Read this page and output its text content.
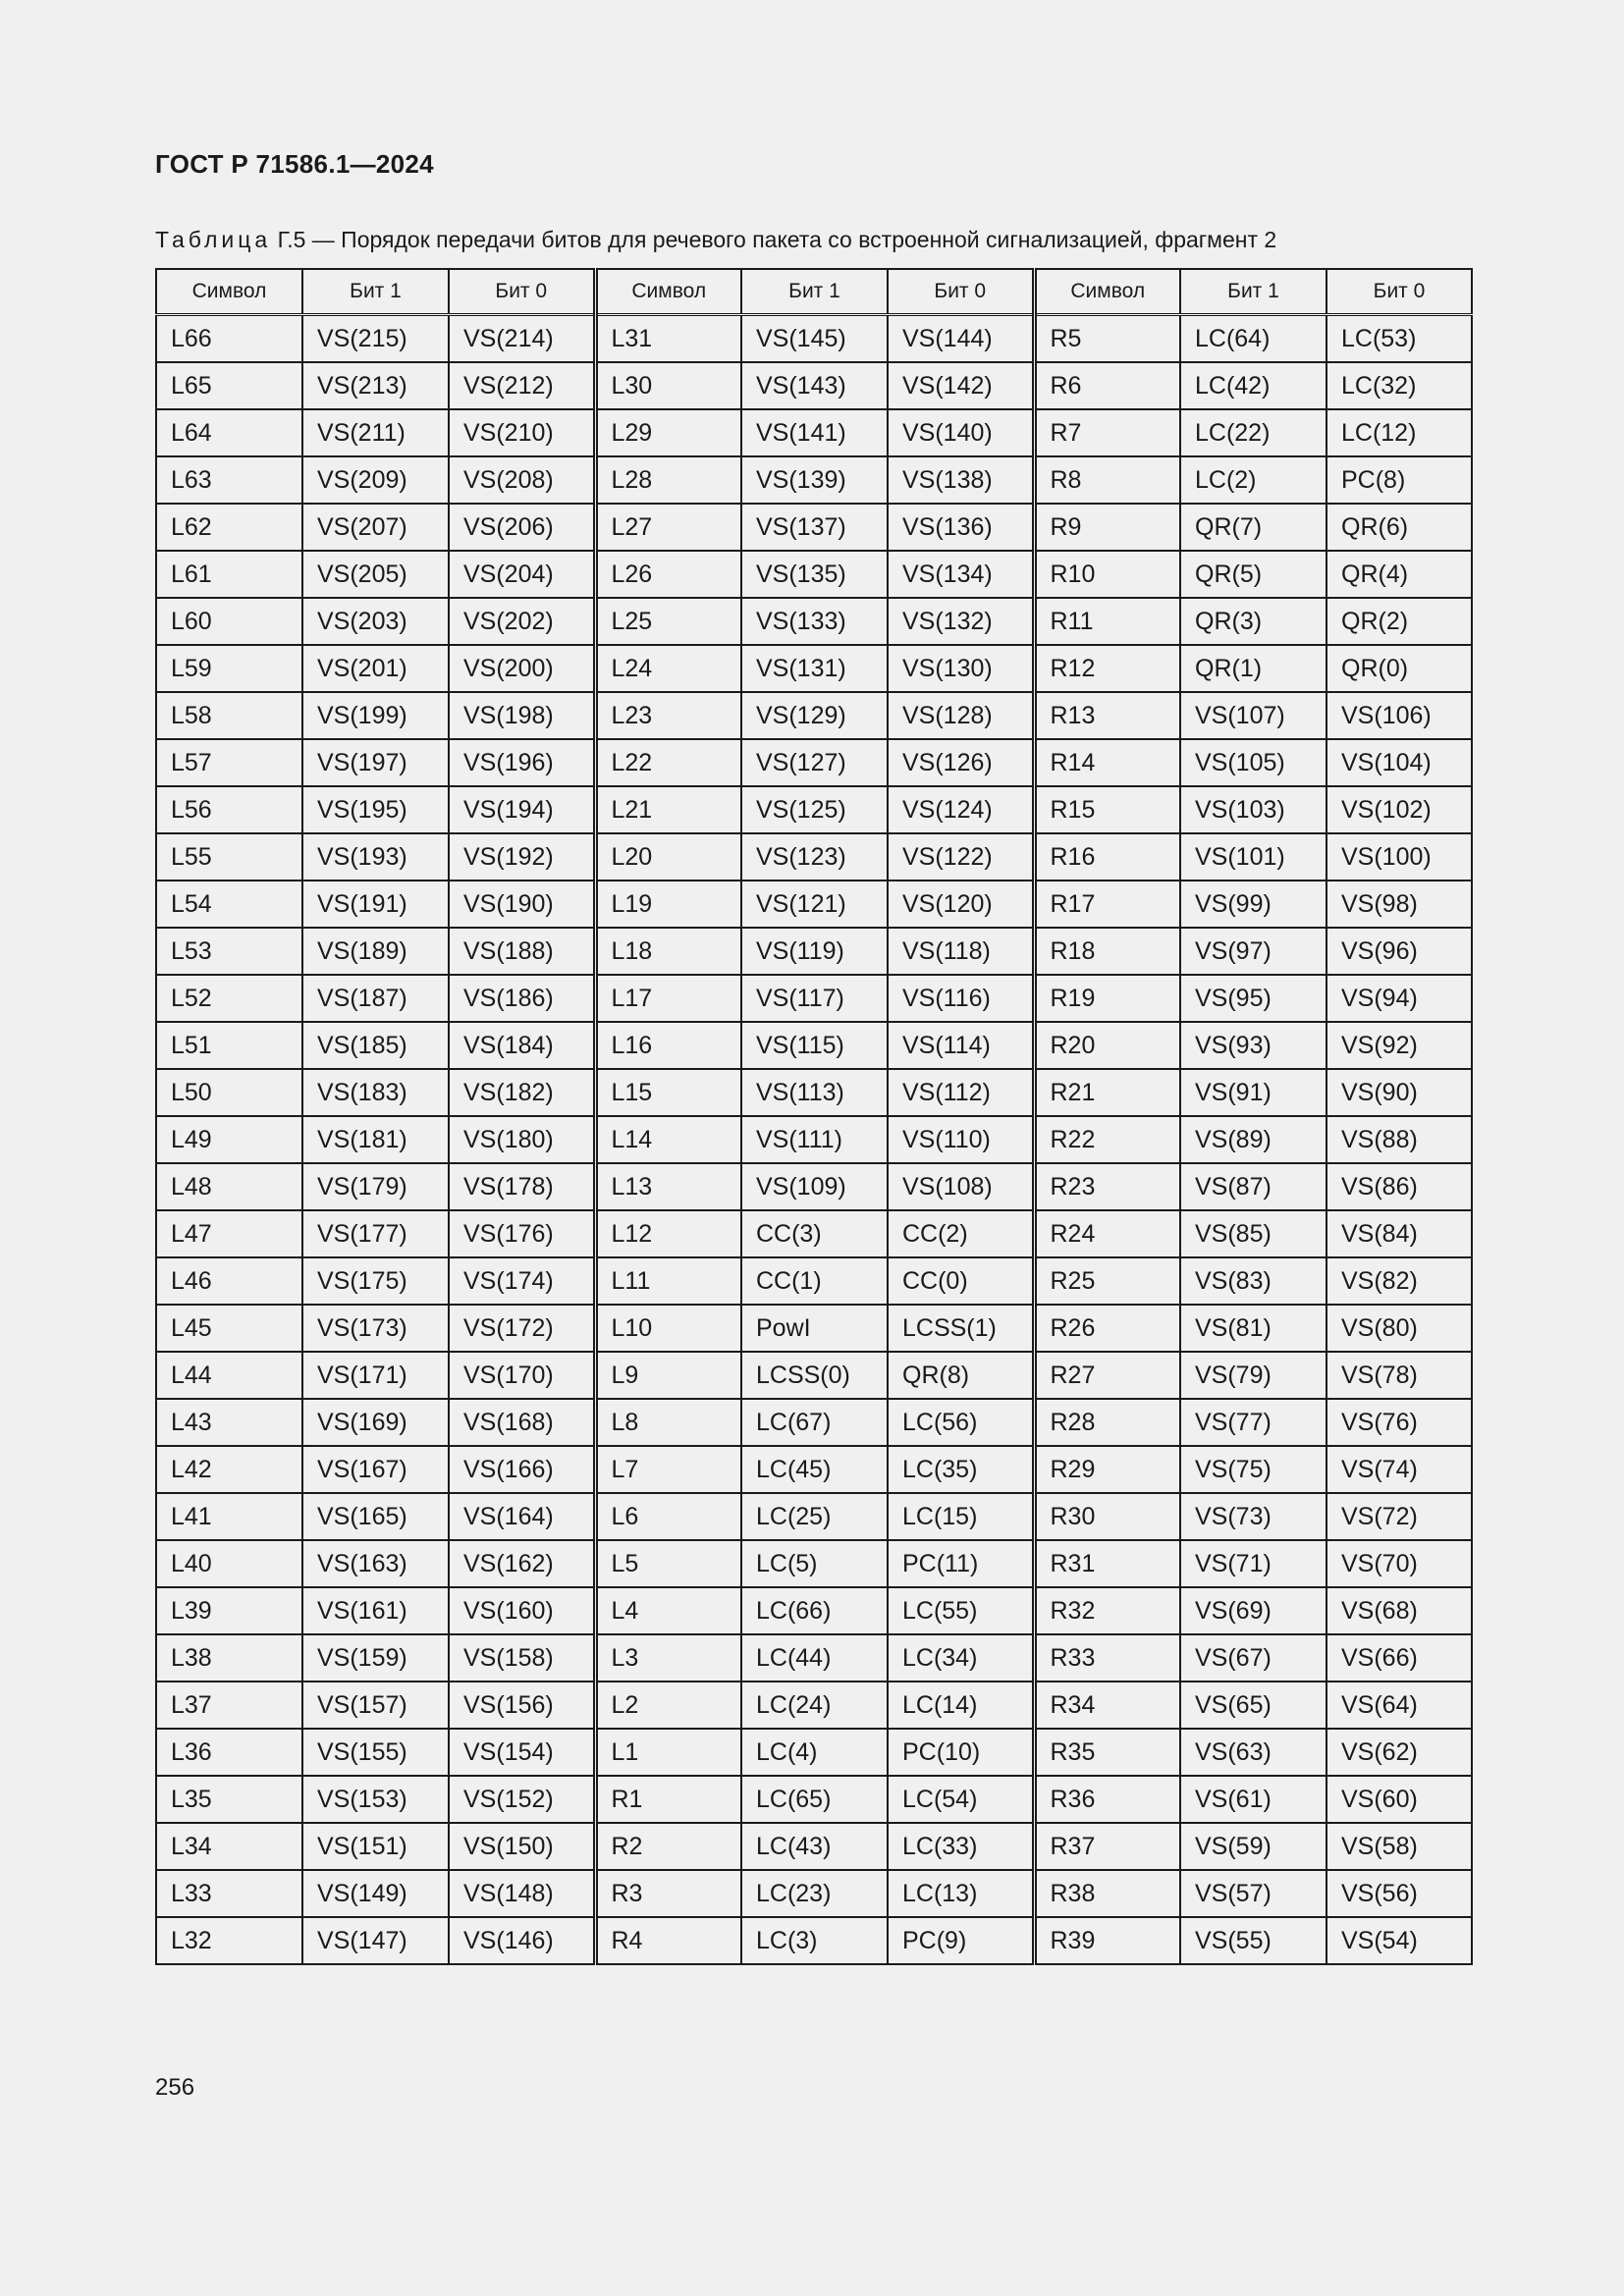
ГОСТ Р 71586.1—2024
Таблица Г.5 — Порядок передачи битов для речевого пакета со встроенной сигнализацией, фрагмент 2
Символ	Бит 1	Бит 0	Символ	Бит 1	Бит 0	Символ	Бит 1	Бит 0
L66	VS(215)	VS(214)	L31	VS(145)	VS(144)	R5	LC(64)	LC(53)
L65	VS(213)	VS(212)	L30	VS(143)	VS(142)	R6	LC(42)	LC(32)
L64	VS(211)	VS(210)	L29	VS(141)	VS(140)	R7	LC(22)	LC(12)
L63	VS(209)	VS(208)	L28	VS(139)	VS(138)	R8	LC(2)	PC(8)
L62	VS(207)	VS(206)	L27	VS(137)	VS(136)	R9	QR(7)	QR(6)
L61	VS(205)	VS(204)	L26	VS(135)	VS(134)	R10	QR(5)	QR(4)
L60	VS(203)	VS(202)	L25	VS(133)	VS(132)	R11	QR(3)	QR(2)
L59	VS(201)	VS(200)	L24	VS(131)	VS(130)	R12	QR(1)	QR(0)
L58	VS(199)	VS(198)	L23	VS(129)	VS(128)	R13	VS(107)	VS(106)
L57	VS(197)	VS(196)	L22	VS(127)	VS(126)	R14	VS(105)	VS(104)
L56	VS(195)	VS(194)	L21	VS(125)	VS(124)	R15	VS(103)	VS(102)
L55	VS(193)	VS(192)	L20	VS(123)	VS(122)	R16	VS(101)	VS(100)
L54	VS(191)	VS(190)	L19	VS(121)	VS(120)	R17	VS(99)	VS(98)
L53	VS(189)	VS(188)	L18	VS(119)	VS(118)	R18	VS(97)	VS(96)
L52	VS(187)	VS(186)	L17	VS(117)	VS(116)	R19	VS(95)	VS(94)
L51	VS(185)	VS(184)	L16	VS(115)	VS(114)	R20	VS(93)	VS(92)
L50	VS(183)	VS(182)	L15	VS(113)	VS(112)	R21	VS(91)	VS(90)
L49	VS(181)	VS(180)	L14	VS(111)	VS(110)	R22	VS(89)	VS(88)
L48	VS(179)	VS(178)	L13	VS(109)	VS(108)	R23	VS(87)	VS(86)
L47	VS(177)	VS(176)	L12	CC(3)	CC(2)	R24	VS(85)	VS(84)
L46	VS(175)	VS(174)	L11	CC(1)	CC(0)	R25	VS(83)	VS(82)
L45	VS(173)	VS(172)	L10	PowI	LCSS(1)	R26	VS(81)	VS(80)
L44	VS(171)	VS(170)	L9	LCSS(0)	QR(8)	R27	VS(79)	VS(78)
L43	VS(169)	VS(168)	L8	LC(67)	LC(56)	R28	VS(77)	VS(76)
L42	VS(167)	VS(166)	L7	LC(45)	LC(35)	R29	VS(75)	VS(74)
L41	VS(165)	VS(164)	L6	LC(25)	LC(15)	R30	VS(73)	VS(72)
L40	VS(163)	VS(162)	L5	LC(5)	PC(11)	R31	VS(71)	VS(70)
L39	VS(161)	VS(160)	L4	LC(66)	LC(55)	R32	VS(69)	VS(68)
L38	VS(159)	VS(158)	L3	LC(44)	LC(34)	R33	VS(67)	VS(66)
L37	VS(157)	VS(156)	L2	LC(24)	LC(14)	R34	VS(65)	VS(64)
L36	VS(155)	VS(154)	L1	LC(4)	PC(10)	R35	VS(63)	VS(62)
L35	VS(153)	VS(152)	R1	LC(65)	LC(54)	R36	VS(61)	VS(60)
L34	VS(151)	VS(150)	R2	LC(43)	LC(33)	R37	VS(59)	VS(58)
L33	VS(149)	VS(148)	R3	LC(23)	LC(13)	R38	VS(57)	VS(56)
L32	VS(147)	VS(146)	R4	LC(3)	PC(9)	R39	VS(55)	VS(54)
256
